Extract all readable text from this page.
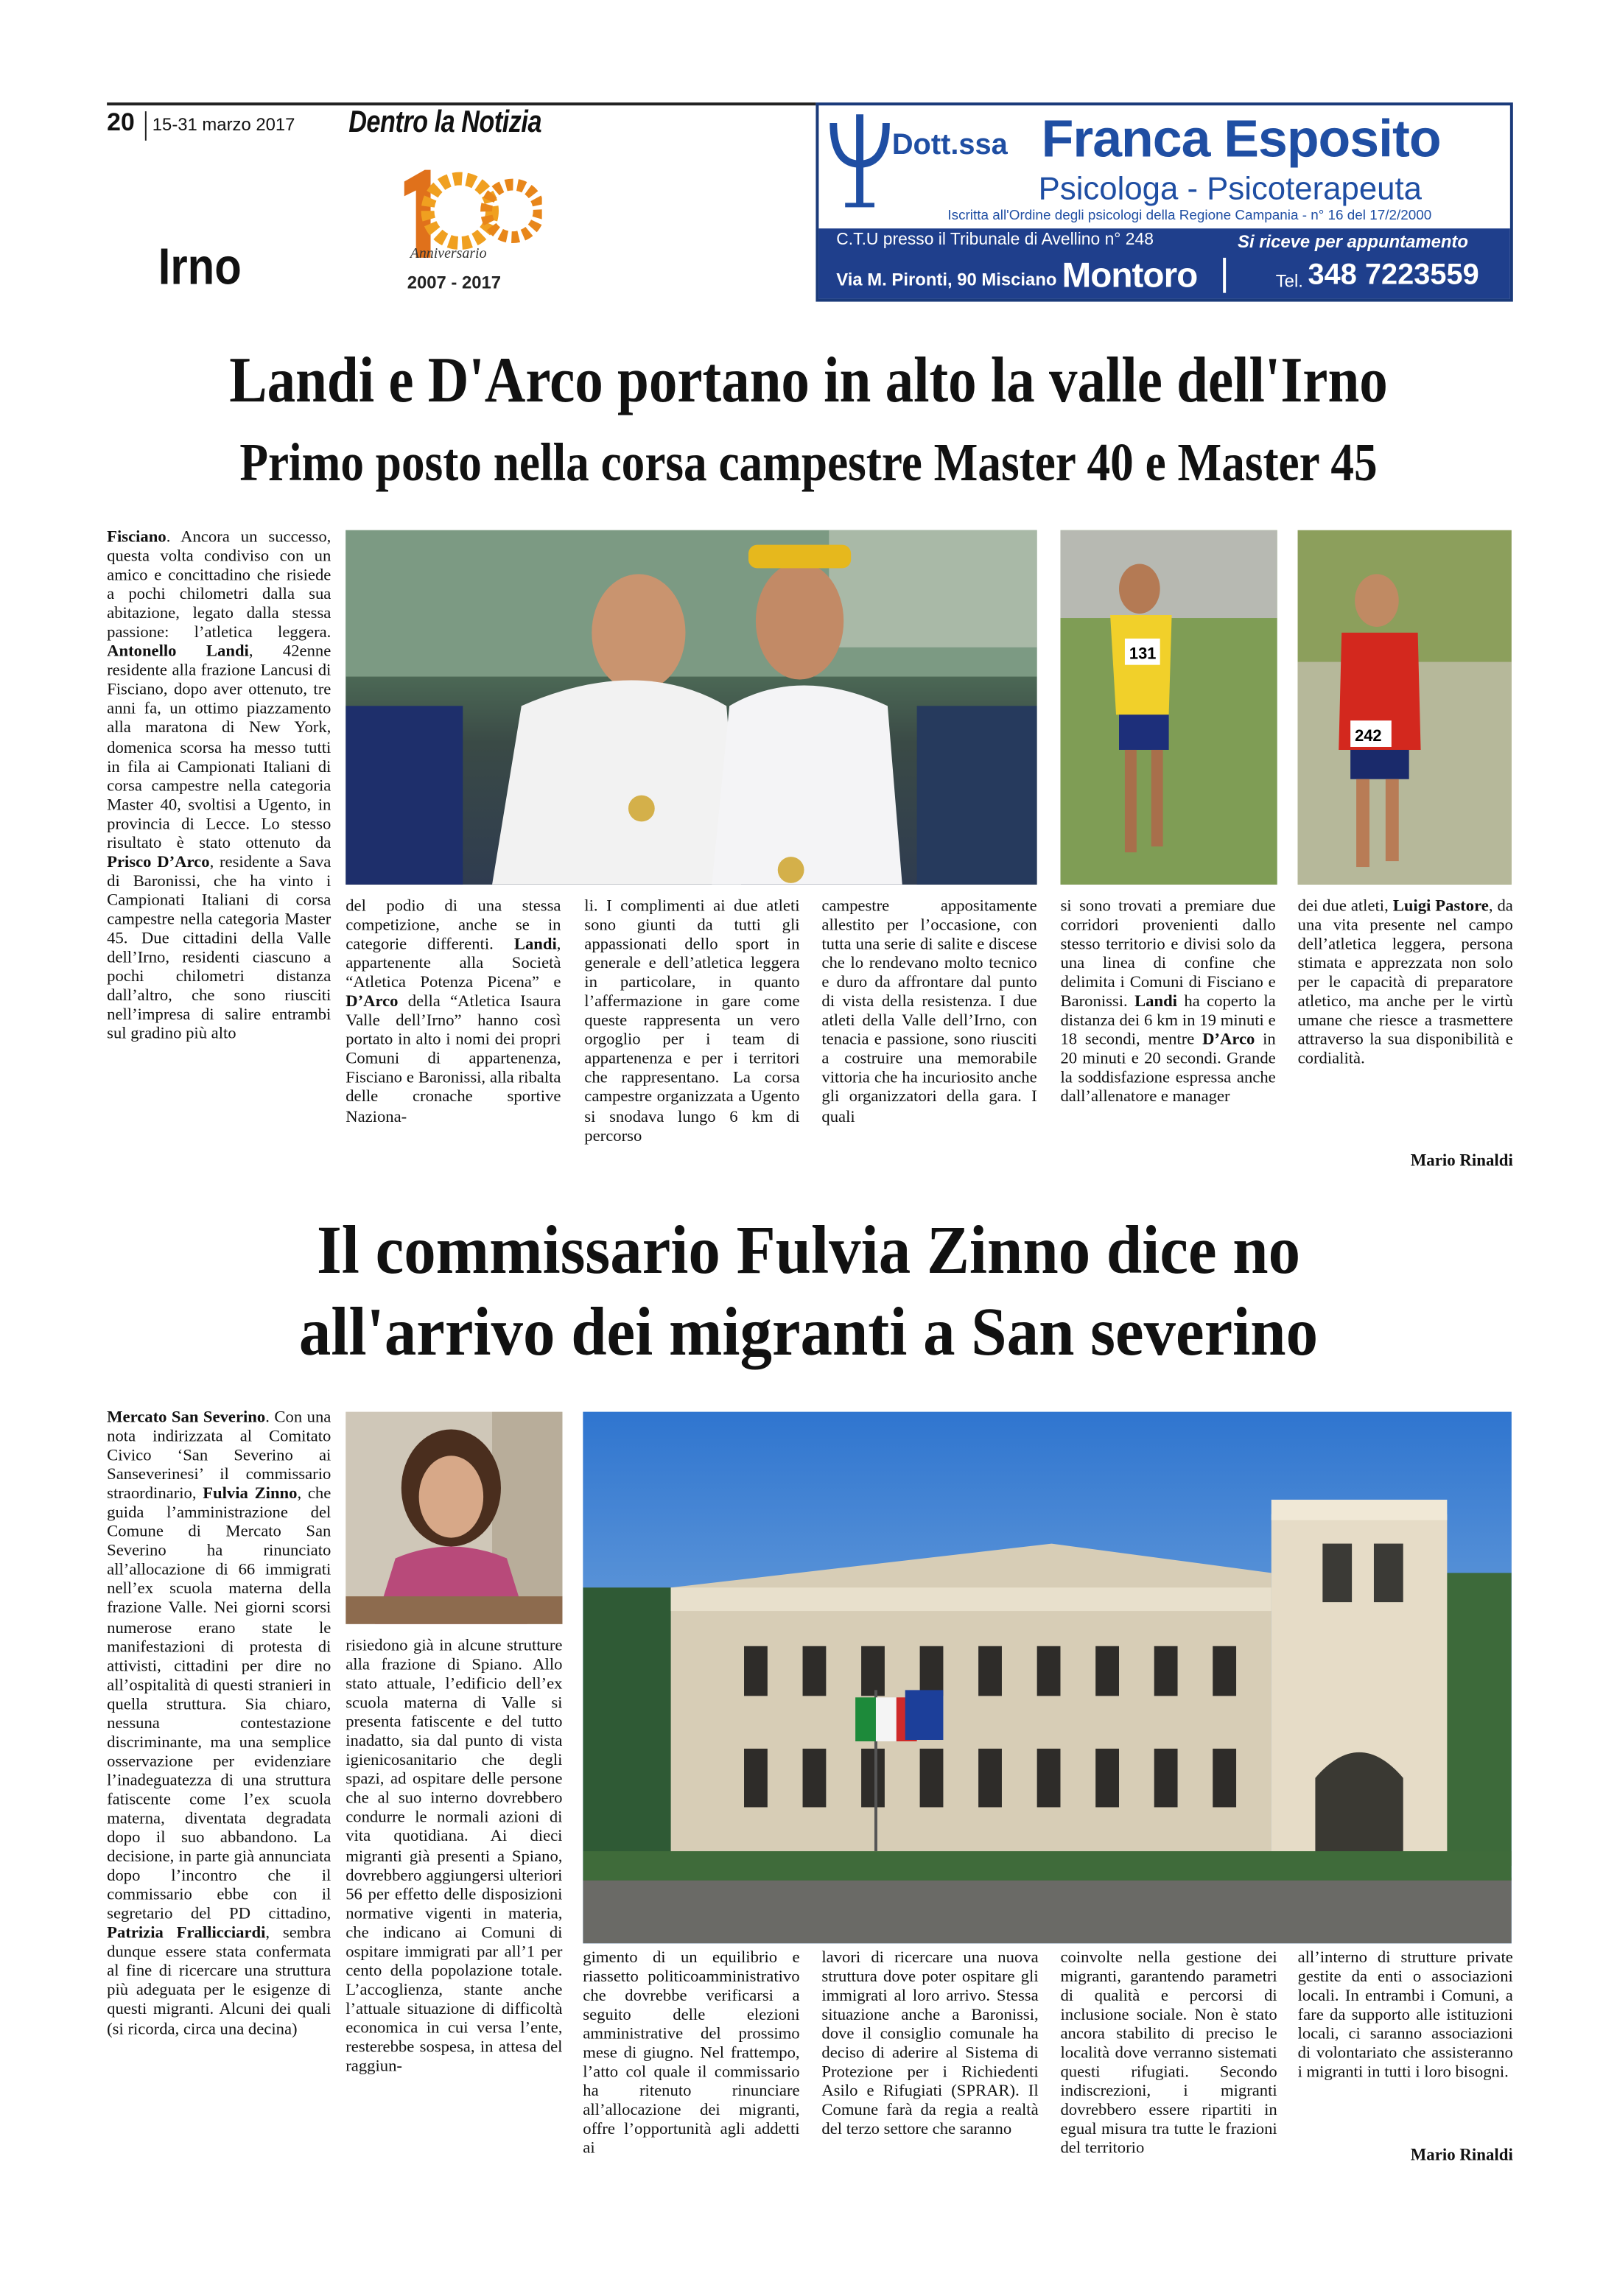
20 15-31 marzo 2017	Dentro la Notizia
Anniversario
2007 - 2017
Irno
Dott.ssa Franca Esposito
Psicologa - Psicoterapeuta
Iscritta all'Ordine degli psicologi della Regione Campania - n° 16 del 17/2/2000
C.T.U presso il Tribunale di Avellino n° 248	Si riceve per appuntamento
Via M. Pironti, 90 Misciano Montoro	Tel. 348 7223559
Landi e D'Arco portano in alto la valle dell'Irno
Primo posto nella corsa campestre Master 40 e Master 45
Fisciano. Ancora un successo, questa volta condiviso con un amico e concittadino che risiede a pochi chilometri dalla sua abitazione, legato dalla stessa passione: l’atletica leggera. Antonello Landi, 42enne residente alla frazione Lancusi di Fisciano, dopo aver ottenuto, tre anni fa, un ottimo piazzamento alla maratona di New York, domenica scorsa ha messo tutti in fila ai Campionati Italiani di corsa campestre nella categoria Master 40, svoltisi a Ugento, in provincia di Lecce. Lo stesso risultato è stato ottenuto da Prisco D’Arco, residente a Sava di Baronissi, che ha vinto i Campionati Italiani di corsa campestre nella categoria Master 45. Due cittadini della Valle dell’Irno, residenti ciascuno a pochi chilometri distanza dall’altro, che sono riusciti nell’impresa di salire entrambi sul gradino più alto
131
242
del podio di una stessa competizione, anche se in categorie differenti. Landi, appartenente alla Società “Atletica Potenza Picena” e D’Arco della “Atletica Isaura Valle dell’Irno” hanno così portato in alto i nomi dei propri Comuni di appartenenza, Fisciano e Baronissi, alla ribalta delle cronache sportive Naziona-
li. I complimenti ai due atleti sono giunti da tutti gli appassionati dello sport in generale e dell’atletica leggera in particolare, in quanto l’affermazione in gare come queste rappresenta un vero orgoglio per i team di appartenenza e per i territori che rappresentano. La corsa campestre organizzata a Ugento si snodava lungo 6 km di percorso
campestre appositamente allestito per l’occasione, con tutta una serie di salite e discese che lo rendevano molto tecnico e duro da affrontare dal punto di vista della resistenza. I due atleti della Valle dell’Irno, con tenacia e passione, sono riusciti a costruire una memorabile vittoria che ha incuriosito anche gli organizzatori della gara. I quali
si sono trovati a premiare due corridori provenienti dallo stesso territorio e divisi solo da una linea di confine che delimita i Comuni di Fisciano e Baronissi. Landi ha coperto la distanza dei 6 km in 19 minuti e 18 secondi, mentre D’Arco in 20 minuti e 20 secondi. Grande la soddisfazione espressa anche dall’allenatore e manager
dei due atleti, Luigi Pastore, da una vita presente nel campo dell’atletica leggera, persona stimata e apprezzata non solo per le capacità di preparatore atletico, ma anche per le virtù umane che riesce a trasmettere attraverso la sua disponibilità e cordialità.
Mario Rinaldi
Il commissario Fulvia Zinno dice no
all'arrivo dei migranti a San severino
Mercato San Severino. Con una nota indirizzata al Comitato Civico ‘San Severino ai Sanseverinesi’ il commissario straordinario, Fulvia Zinno, che guida l’amministrazione del Comune di Mercato San Severino ha rinunciato all’allocazione di 66 immigrati nell’ex scuola materna della frazione Valle. Nei giorni scorsi numerose erano state le manifestazioni di protesta di attivisti, cittadini per dire no all’ospitalità di questi stranieri in quella struttura. Sia chiaro, nessuna contestazione discriminante, ma una semplice osservazione per evidenziare l’inadeguatezza di una struttura fatiscente come l’ex scuola materna, diventata degradata dopo il suo abbandono. La decisione, in parte già annunciata dopo l’incontro che il commissario ebbe con il segretario del PD cittadino, Patrizia Frallicciardi, sembra dunque essere stata confermata al fine di ricercare una struttura più adeguata per le esigenze di questi migranti. Alcuni dei quali (si ricorda, circa una decina)
risiedono già in alcune strutture alla frazione di Spiano. Allo stato attuale, l’edificio dell’ex scuola materna di Valle si presenta fatiscente e del tutto inadatto, sia dal punto di vista igienicosanitario che degli spazi, ad ospitare delle persone che al suo interno dovrebbero condurre le normali azioni di vita quotidiana. Ai dieci migranti già presenti a Spiano, dovrebbero aggiungersi ulteriori 56 per effetto delle disposizioni normative vigenti in materia, che indicano ai Comuni di ospitare immigrati par all’1 per cento della popolazione totale. L’accoglienza, stante anche l’attuale situazione di difficoltà economica in cui versa l’ente, resterebbe sospesa, in attesa del raggiun-
gimento di un equilibrio e riassetto politicoamministrativo che dovrebbe verificarsi a seguito delle elezioni amministrative del prossimo mese di giugno. Nel frattempo, l’atto col quale il commissario ha ritenuto rinunciare all’allocazione dei migranti, offre l’opportunità agli addetti ai
lavori di ricercare una nuova struttura dove poter ospitare gli immigrati al loro arrivo. Stessa situazione anche a Baronissi, dove il consiglio comunale ha deciso di aderire al Sistema di Protezione per i Richiedenti Asilo e Rifugiati (SPRAR). Il Comune farà da regia a realtà del terzo settore che saranno
coinvolte nella gestione dei migranti, garantendo parametri di qualità e percorsi di inclusione sociale. Non è stato ancora stabilito di preciso le località dove verranno sistemati questi rifugiati. Secondo indiscrezioni, i migranti dovrebbero essere ripartiti in egual misura tra tutte le frazioni del territorio
all’interno di strutture private gestite da enti o associazioni locali. In entrambi i Comuni, a fare da supporto alle istituzioni locali, ci saranno associazioni di volontariato che assisteranno i migranti in tutti i loro bisogni.
Mario Rinaldi
